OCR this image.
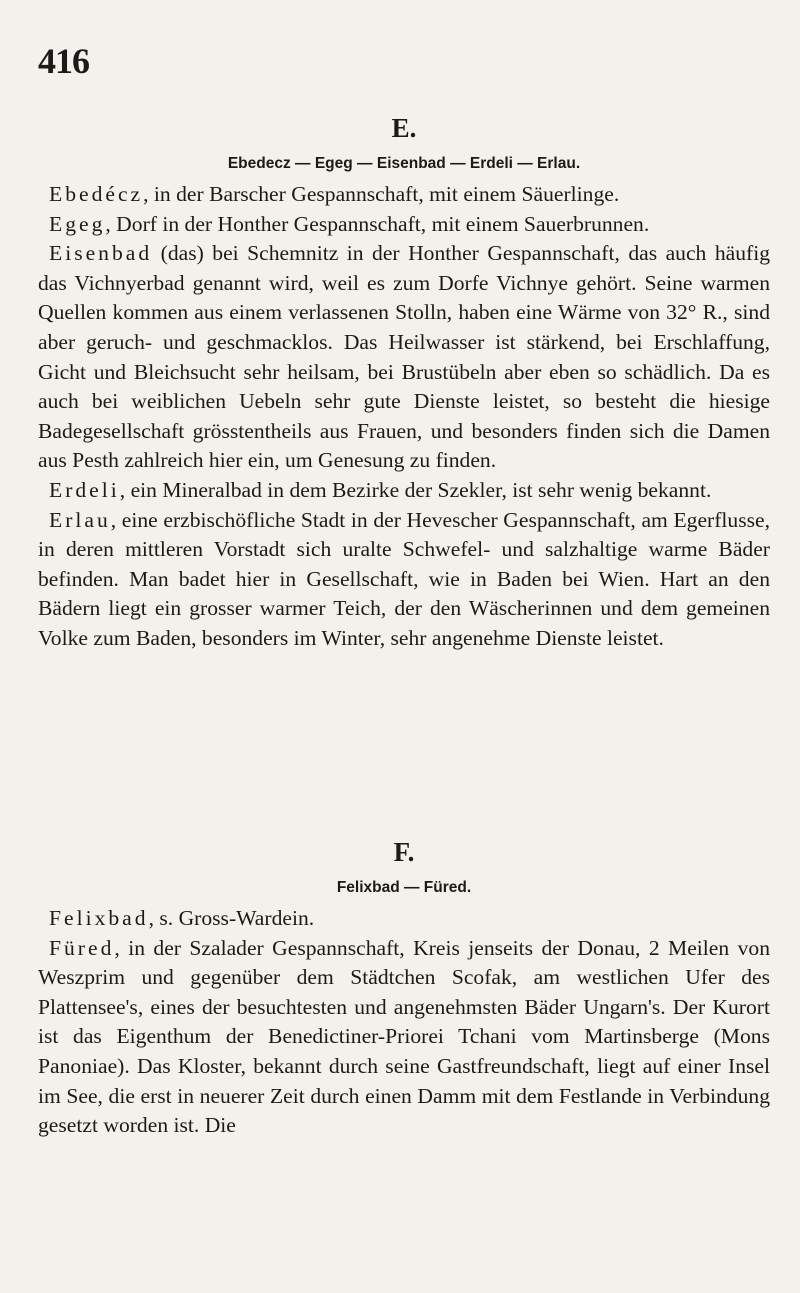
416
E.
Ebedecz — Egeg — Eisenbad — Erdeli — Erlau.

Ebedécz, in der Barscher Gespannschaft, mit einem Säuerlinge.

Egeg, Dorf in der Honther Gespannschaft, mit einem Sauerbrunnen.

Eisenbad (das) bei Schemnitz in der Honther Gespannschaft, das auch häufig das Vichnyerbad genannt wird, weil es zum Dorfe Vichnye gehört. Seine warmen Quellen kommen aus einem verlassenen Stolln, haben eine Wärme von 32° R., sind aber geruch- und geschmacklos. Das Heilwasser ist stärkend, bei Erschlaffung, Gicht und Bleichsucht sehr heilsam, bei Brustübeln aber eben so schädlich. Da es auch bei weiblichen Uebeln sehr gute Dienste leistet, so besteht die hiesige Badegesellschaft grösstentheils aus Frauen, und besonders finden sich die Damen aus Pesth zahlreich hier ein, um Genesung zu finden.

Erdeli, ein Mineralbad in dem Bezirke der Szekler, ist sehr wenig bekannt.

Erlau, eine erzbischöfliche Stadt in der Hevescher Gespannschaft, am Egerflusse, in deren mittleren Vorstadt sich uralte Schwefel- und salzhaltige warme Bäder befinden. Man badet hier in Gesellschaft, wie in Baden bei Wien. Hart an den Bädern liegt ein grosser warmer Teich, der den Wäscherinnen und dem gemeinen Volke zum Baden, besonders im Winter, sehr angenehme Dienste leistet.

F.
Felixbad — Füred.

Felixbad, s. Gross-Wardein.

Füred, in der Szalader Gespannschaft, Kreis jenseits der Donau, 2 Meilen von Weszprim und gegenüber dem Städtchen Scofak, am westlichen Ufer des Plattensee's, eines der besuchtesten und angenehmsten Bäder Ungarn's. Der Kurort ist das Eigenthum der Benedictiner-Priorei Tchani vom Martinsberge (Mons Panoniae). Das Kloster, bekannt durch seine Gastfreundschaft, liegt auf einer Insel im See, die erst in neuerer Zeit durch einen Damm mit dem Festlande in Verbindung gesetzt worden ist. Die
